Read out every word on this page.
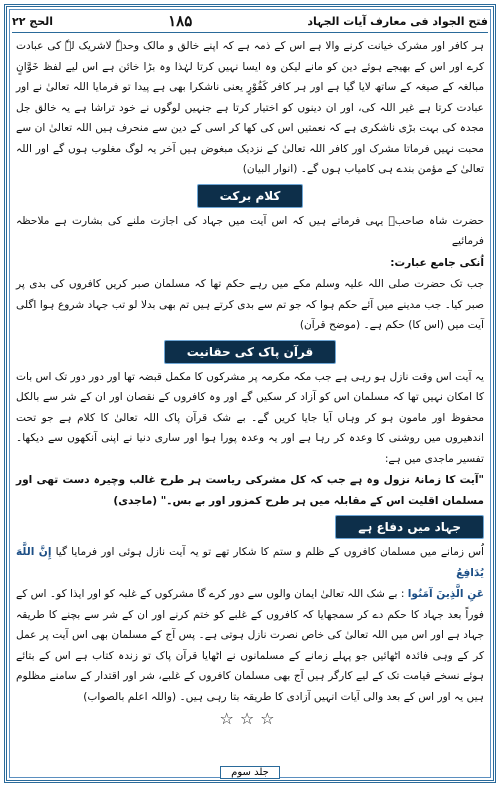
فتح الجواد فی معارف آیات الجہاد
۱۸۵
الحج ۲۲

ہر کافر اور مشرک خیانت کرنے والا ہے اس کے ذمہ ہے کہ اپنے خالق و مالک وحدہٗ لاشریک لہٗ کی عبادت کرے اور اس کے بھیجے ہوئے دین کو مانے لیکن وہ ایسا نہیں کرتا لہٰذا وہ بڑا خائن ہے اس لیے لفظ خَوَّانٍ مبالغہ کے صیغہ کے ساتھ لایا گیا ہے اور ہر کافر كَفُوْرٍ یعنی ناشکرا بھی ہے پیدا تو فرمایا اللہ تعالیٰ نے اور عبادت کرتا ہے غیر اللہ کی، اور ان دینوں کو اختیار کرتا ہے جنہیں لوگوں نے خود تراشا ہے یہ خالق جل مجدہ کی بہت بڑی ناشکری ہے کہ نعمتیں اس کی کھا کر اسی کے دین سے منحرف ہیں اللہ تعالیٰ ان سے محبت نہیں فرماتا مشرک اور کافر اللہ تعالیٰ کے نزدیک مبغوض ہیں آخر یہ لوگ مغلوب ہوں گے اور اللہ تعالیٰ کے مؤمن بندے ہی کامیاب ہوں گے۔ (انوار البیان)

کلام برکت

حضرت شاہ صاحبؒ یہی فرماتے ہیں کہ اس آیت میں جہاد کی اجازت ملنے کی بشارت ہے ملاحظہ فرمائیے

اُنکی جامع عبارت:

جب تک حضرت صلی اللہ علیہ وسلم مکے میں رہے حکم تھا کہ مسلمان صبر کریں کافروں کی بدی پر صبر کیا۔ جب مدینے میں آئے حکم ہوا کہ جو تم سے بدی کرتے ہیں تم بھی بدلا لو تب جہاد شروع ہوا اگلی آیت میں (اس کا) حکم ہے۔ (موضح قرآن)

قرآن پاک کی حقانیت

یہ آیت اس وقت نازل ہو رہی ہے جب مکہ مکرمہ پر مشرکوں کا مکمل قبضہ تھا اور دور دور تک اس بات کا امکان نہیں تھا کہ مسلمان اس کو آزاد کر سکیں گے اور وہ کافروں کے نقصان اور ان کے شر سے بالکل محفوظ اور مامون ہو کر وہاں آیا جایا کریں گے۔ بے شک قرآن پاک اللہ تعالیٰ کا کلام ہے جو تحت اندھیروں میں روشنی کا وعدہ کر رہا ہے اور یہ وعدہ پورا ہوا اور ساری دنیا نے اپنی آنکھوں سے دیکھا۔ تفسیر ماجدی میں ہے:

"آیت کا زمانۂ نزول وہ ہے جب کہ کل مشرکی ریاست ہر طرح غالب وچیرہ دست تھی اور مسلمان اقلیت اس کے مقابلہ میں ہر طرح کمزور اور بے بس۔" (ماجدی)

جہاد میں دفاع ہے

اُس زمانے میں مسلمان کافروں کے ظلم و ستم کا شکار تھے تو یہ آیت نازل ہوئی اور فرمایا گیا إِنَّ اللَّهَ يُدَافِعُ

عَنِ الَّذِينَ آمَنُوا : بے شک اللہ تعالیٰ ایمان والوں سے دور کرے گا مشرکوں کے غلبہ کو اور ایذا کو۔ اس کے فوراً بعد جہاد کا حکم دے کر سمجھایا کہ کافروں کے غلبے کو ختم کرنے اور ان کے شر سے بچنے کا طریقہ جہاد ہے اور اس میں اللہ تعالیٰ کی خاص نصرت نازل ہوتی ہے۔ پس آج کے مسلمان بھی اس آیت پر عمل کر کے وہی فائدہ اٹھائیں جو پہلے زمانے کے مسلمانوں نے اٹھایا قرآن پاک تو زندہ کتاب ہے اس کے بتائے ہوئے نسخے قیامت تک کے لیے کارگر ہیں آج بھی مسلمان کافروں کے غلبے، شر اور اقتدار کے سامنے مظلوم ہیں یہ اور اس کے بعد والی آیات انہیں آزادی کا طریقہ بتا رہی ہیں۔ (واللہ اعلم بالصواب)

☆☆☆
جلد سوم
